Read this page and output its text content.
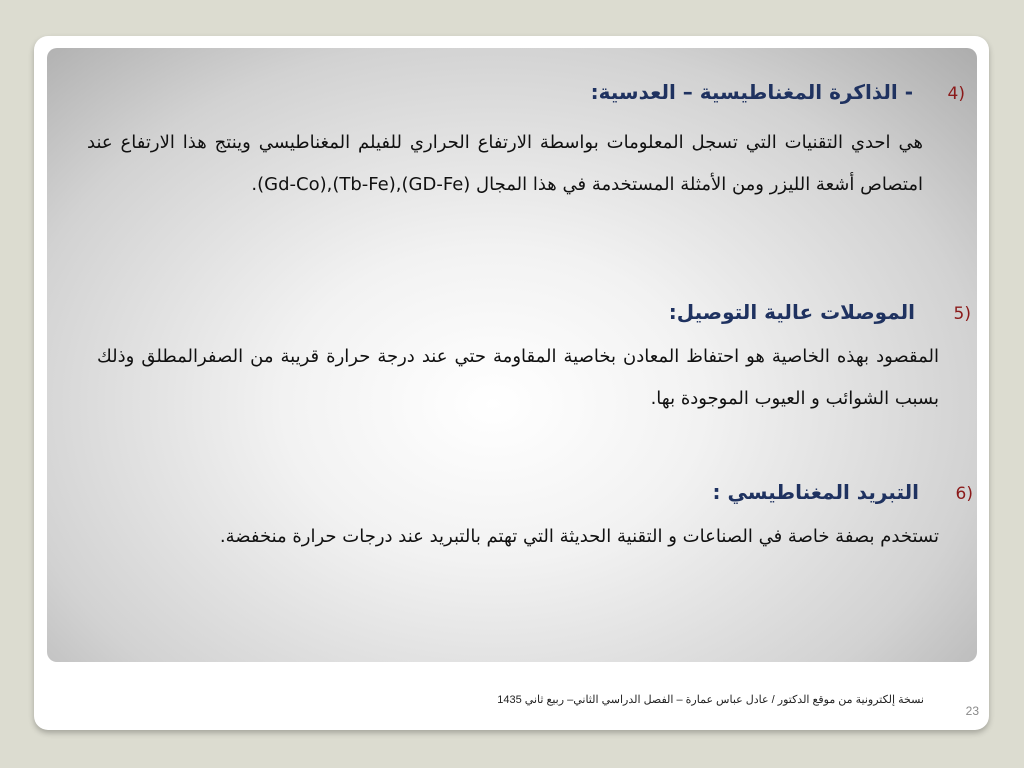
4)
- الذاكرة المغناطيسية – العدسية:
هي احدي التقنيات التي تسجل المعلومات بواسطة الارتفاع الحراري للفيلم المغناطيسي وينتج هذا الارتفاع عند امتصاص أشعة الليزر ومن الأمثلة المستخدمة في هذا المجال (GD-Fe),(Tb-Fe),(Gd-Co).
5)
الموصلات عالية التوصيل:
المقصود بهذه الخاصية هو احتفاظ المعادن بخاصية المقاومة حتي عند درجة حرارة قريبة من الصفرالمطلق وذلك بسبب الشوائب و العيوب الموجودة بها.
6)
التبريد المغناطيسي :
تستخدم بصفة خاصة في الصناعات و التقنية الحديثة التي تهتم بالتبريد عند درجات حرارة منخفضة.
نسخة إلكترونية من موقع الدكتور / عادل عباس عمارة – الفصل الدراسي الثاني– ربيع ثاني 1435
23
